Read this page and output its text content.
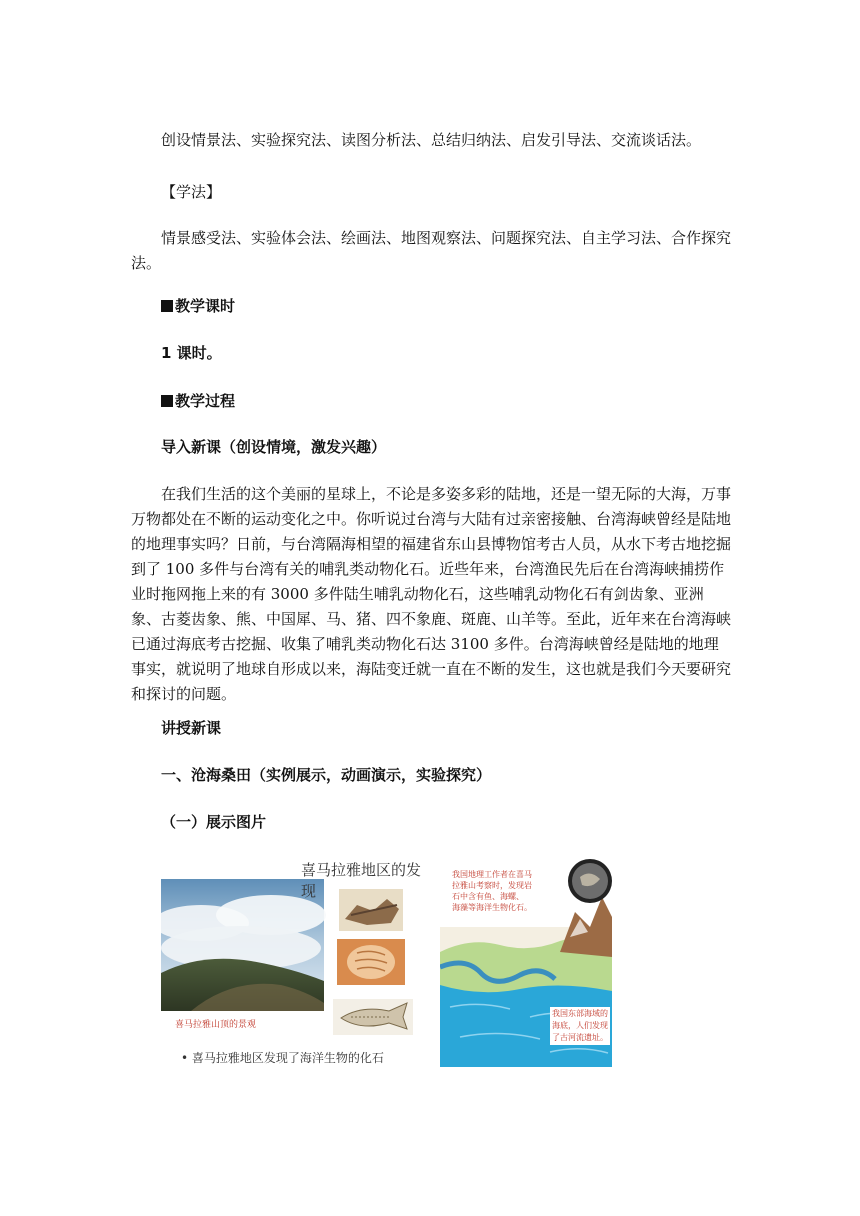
创设情景法、实验探究法、读图分析法、总结归纳法、启发引导法、交流谈话法。

【学法】

情景感受法、实验体会法、绘画法、地图观察法、问题探究法、自主学习法、合作探究法。

教学课时

1 课时。

教学过程

导入新课（创设情境，激发兴趣）

在我们生活的这个美丽的星球上，不论是多姿多彩的陆地，还是一望无际的大海，万事万物都处在不断的运动变化之中。你听说过台湾与大陆有过亲密接触、台湾海峡曾经是陆地的地理事实吗？日前，与台湾隔海相望的福建省东山县博物馆考古人员，从水下考古地挖掘到了 100 多件与台湾有关的哺乳类动物化石。近些年来，台湾渔民先后在台湾海峡捕捞作业时拖网拖上来的有 3000 多件陆生哺乳动物化石，这些哺乳动物化石有剑齿象、亚洲象、古菱齿象、熊、中国犀、马、猪、四不象鹿、斑鹿、山羊等。至此，近年来在台湾海峡已通过海底考古挖掘、收集了哺乳类动物化石达 3100 多件。台湾海峡曾经是陆地的地理事实，就说明了地球自形成以来，海陆变迁就一直在不断的发生，这也就是我们今天要研究和探讨的问题。

讲授新课

一、沧海桑田（实例展示，动画演示，实验探究）

（一）展示图片

喜马拉雅地区的发现
喜马拉雅山顶的景观
• 喜马拉雅地区发现了海洋生物的化石
我国地理工作者在喜马
拉雅山考察时，发现岩
石中含有鱼、海螺、
海藻等海洋生物化石。
我国东部海域的
海底，人们发现
了古河流遗址。
